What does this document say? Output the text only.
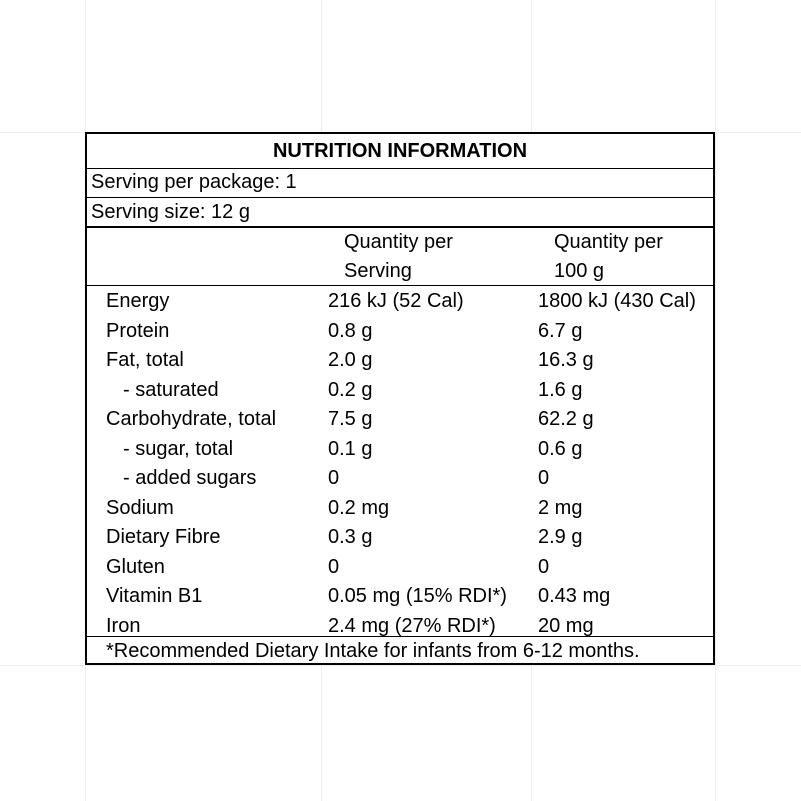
NUTRITION INFORMATION
Serving per package: 1
Serving size: 12 g
Quantity per
Serving
Quantity per
100 g
Energy	216 kJ (52 Cal)	1800 kJ (430 Cal)
Protein	0.8 g	6.7 g
Fat, total	2.0 g	16.3 g
- saturated	0.2 g	1.6 g
Carbohydrate, total	7.5 g	62.2 g
- sugar, total	0.1 g	0.6 g
- added sugars	0	0
Sodium	0.2 mg	2 mg
Dietary Fibre	0.3 g	2.9 g
Gluten	0	0
Vitamin B1	0.05 mg (15% RDI*) 0.43 mg
Iron	2.4 mg (27% RDI*) 20 mg
*Recommended Dietary Intake for infants from 6-12 months.
